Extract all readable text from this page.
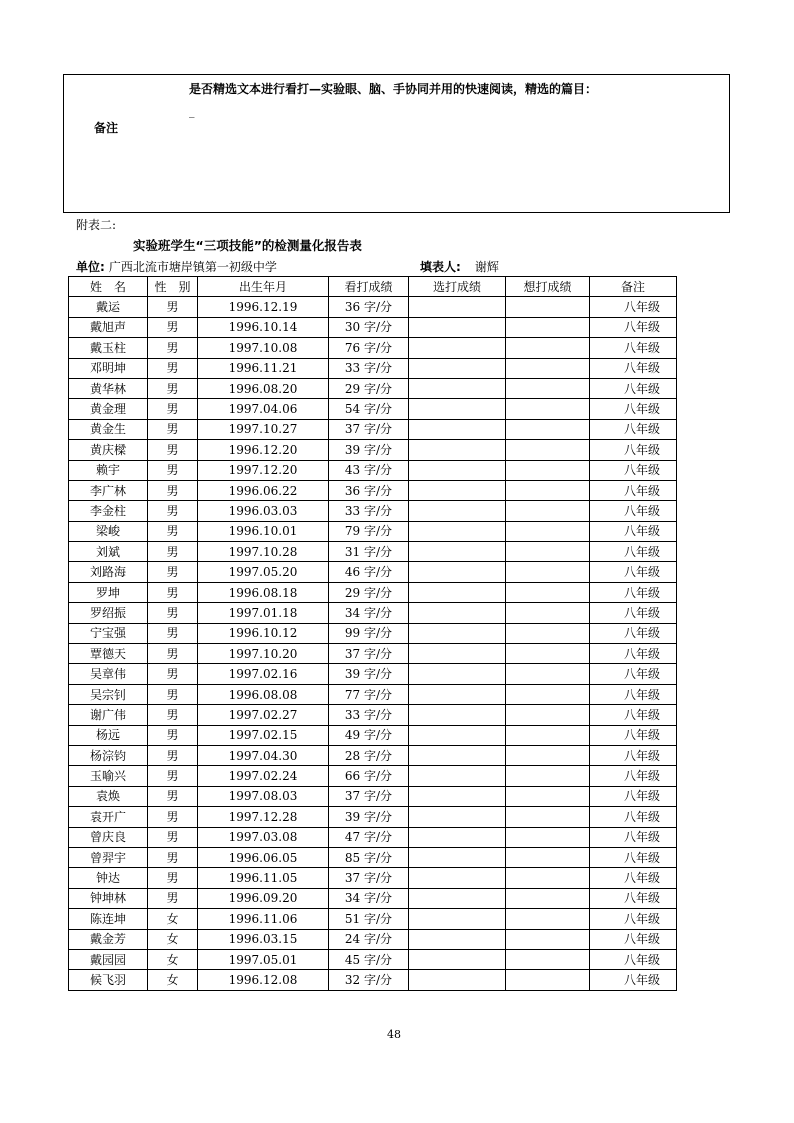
是否精选文本进行看打—实验眼、脑、手协同并用的快速阅读，精选的篇目：
_
备注
附表二:
实验班学生“三项技能”的检测量化报告表
单位: 广西北流市塘岸镇第一初级中学	填表人: 谢辉
姓　名	性　别	出生年月	看打成绩	选打成绩	想打成绩	备注
戴运	男	1996.12.19	36 字/分			八年级
戴旭声	男	1996.10.14	30 字/分			八年级
戴玉柱	男	1997.10.08	76 字/分			八年级
邓明坤	男	1996.11.21	33 字/分			八年级
黄华林	男	1996.08.20	29 字/分			八年级
黄金理	男	1997.04.06	54 字/分			八年级
黄金生	男	1997.10.27	37 字/分			八年级
黄庆樑	男	1996.12.20	39 字/分			八年级
赖宇	男	1997.12.20	43 字/分			八年级
李广林	男	1996.06.22	36 字/分			八年级
李金柱	男	1996.03.03	33 字/分			八年级
梁峻	男	1996.10.01	79 字/分			八年级
刘斌	男	1997.10.28	31 字/分			八年级
刘路海	男	1997.05.20	46 字/分			八年级
罗坤	男	1996.08.18	29 字/分			八年级
罗绍振	男	1997.01.18	34 字/分			八年级
宁宝强	男	1996.10.12	99 字/分			八年级
覃德天	男	1997.10.20	37 字/分			八年级
吴章伟	男	1997.02.16	39 字/分			八年级
吴宗钊	男	1996.08.08	77 字/分			八年级
谢广伟	男	1997.02.27	33 字/分			八年级
杨远	男	1997.02.15	49 字/分			八年级
杨淙钧	男	1997.04.30	28 字/分			八年级
玉喻兴	男	1997.02.24	66 字/分			八年级
袁焕	男	1997.08.03	37 字/分			八年级
袁开广	男	1997.12.28	39 字/分			八年级
曾庆良	男	1997.03.08	47 字/分			八年级
曾羿宇	男	1996.06.05	85 字/分			八年级
钟达	男	1996.11.05	37 字/分			八年级
钟坤林	男	1996.09.20	34 字/分			八年级
陈连坤	女	1996.11.06	51 字/分			八年级
戴金芳	女	1996.03.15	24 字/分			八年级
戴园园	女	1997.05.01	45 字/分			八年级
候飞羽	女	1996.12.08	32 字/分			八年级
48
